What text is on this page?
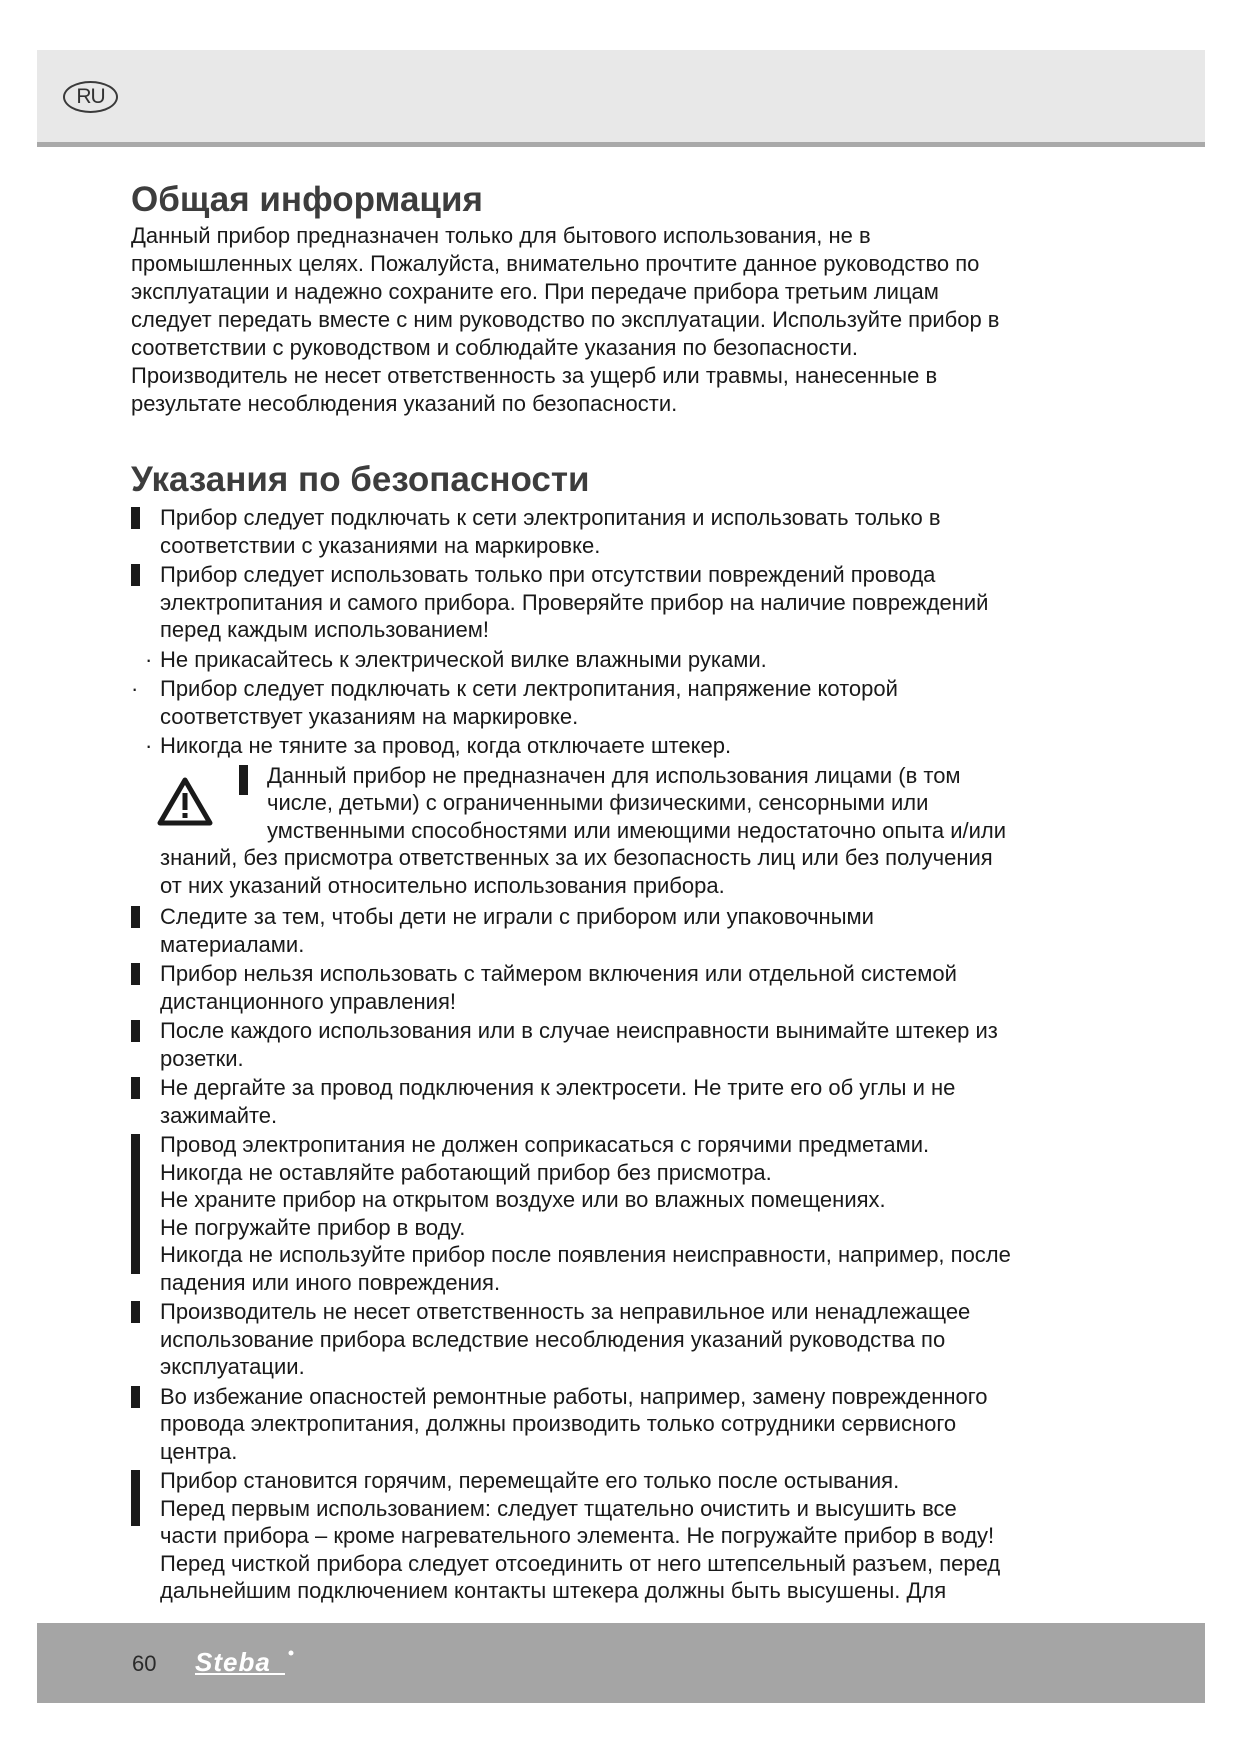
RU
Общая информация

Данный прибор предназначен только для бытового использования, не в

промышленных целях. Пожалуйста, внимательно прочтите данное руководство по

эксплуатации и надежно сохраните его. При передаче прибора третьим лицам

следует передать вместе с ним руководство по эксплуатации. Используйте прибор в

соответствии с руководством и соблюдайте указания по безопасности.

Производитель не несет ответственность за ущерб или травмы, нанесенные в

результате несоблюдения указаний по безопасности.

Указания по безопасности
Прибор следует подключать к сети электропитания и использовать только в
соответствии с указаниями на маркировке.
Прибор следует использовать только при отсутствии повреждений провода
электропитания и самого прибора. Проверяйте прибор на наличие повреждений
перед каждым использованием!
· Не прикасайтесь к электрической вилке влажными руками.
· Прибор следует подключать к сети лектропитания, напряжение которой
соответствует указаниям на маркировке.
· Никогда не тяните за провод, когда отключаете штекер.
Данный прибор не предназначен для использования лицами (в том
числе, детьми) с ограниченными физическими, сенсорными или
умственными способностями или имеющими недостаточно опыта и/или
знаний, без присмотра ответственных за их безопасность лиц или без получения
от них указаний относительно использования прибора.
Следите за тем, чтобы дети не играли с прибором или упаковочными
материалами.
Прибор нельзя использовать с таймером включения или отдельной системой
дистанционного управления!
После каждого использования или в случае неисправности вынимайте штекер из
розетки.
Не дергайте за провод подключения к электросети. Не трите его об углы и не
зажимайте.
Провод электропитания не должен соприкасаться с горячими предметами.
Никогда не оставляйте работающий прибор без присмотра.
Не храните прибор на открытом воздухе или во влажных помещениях.
Не погружайте прибор в воду.
Никогда не используйте прибор после появления неисправности, например, после
падения или иного повреждения.
Производитель не несет ответственность за неправильное или ненадлежащее
использование прибора вследствие несоблюдения указаний руководства по
эксплуатации.
Во избежание опасностей ремонтные работы, например, замену поврежденного
провода электропитания, должны производить только сотрудники сервисного
центра.
Прибор становится горячим, перемещайте его только после остывания.
Перед первым использованием: следует тщательно очистить и высушить все
части прибора – кроме нагревательного элемента. Не погружайте прибор в воду!
Перед чисткой прибора следует отсоединить от него штепсельный разъем, перед
дальнейшим подключением контакты штекера должны быть высушены. Для
60 Steba
